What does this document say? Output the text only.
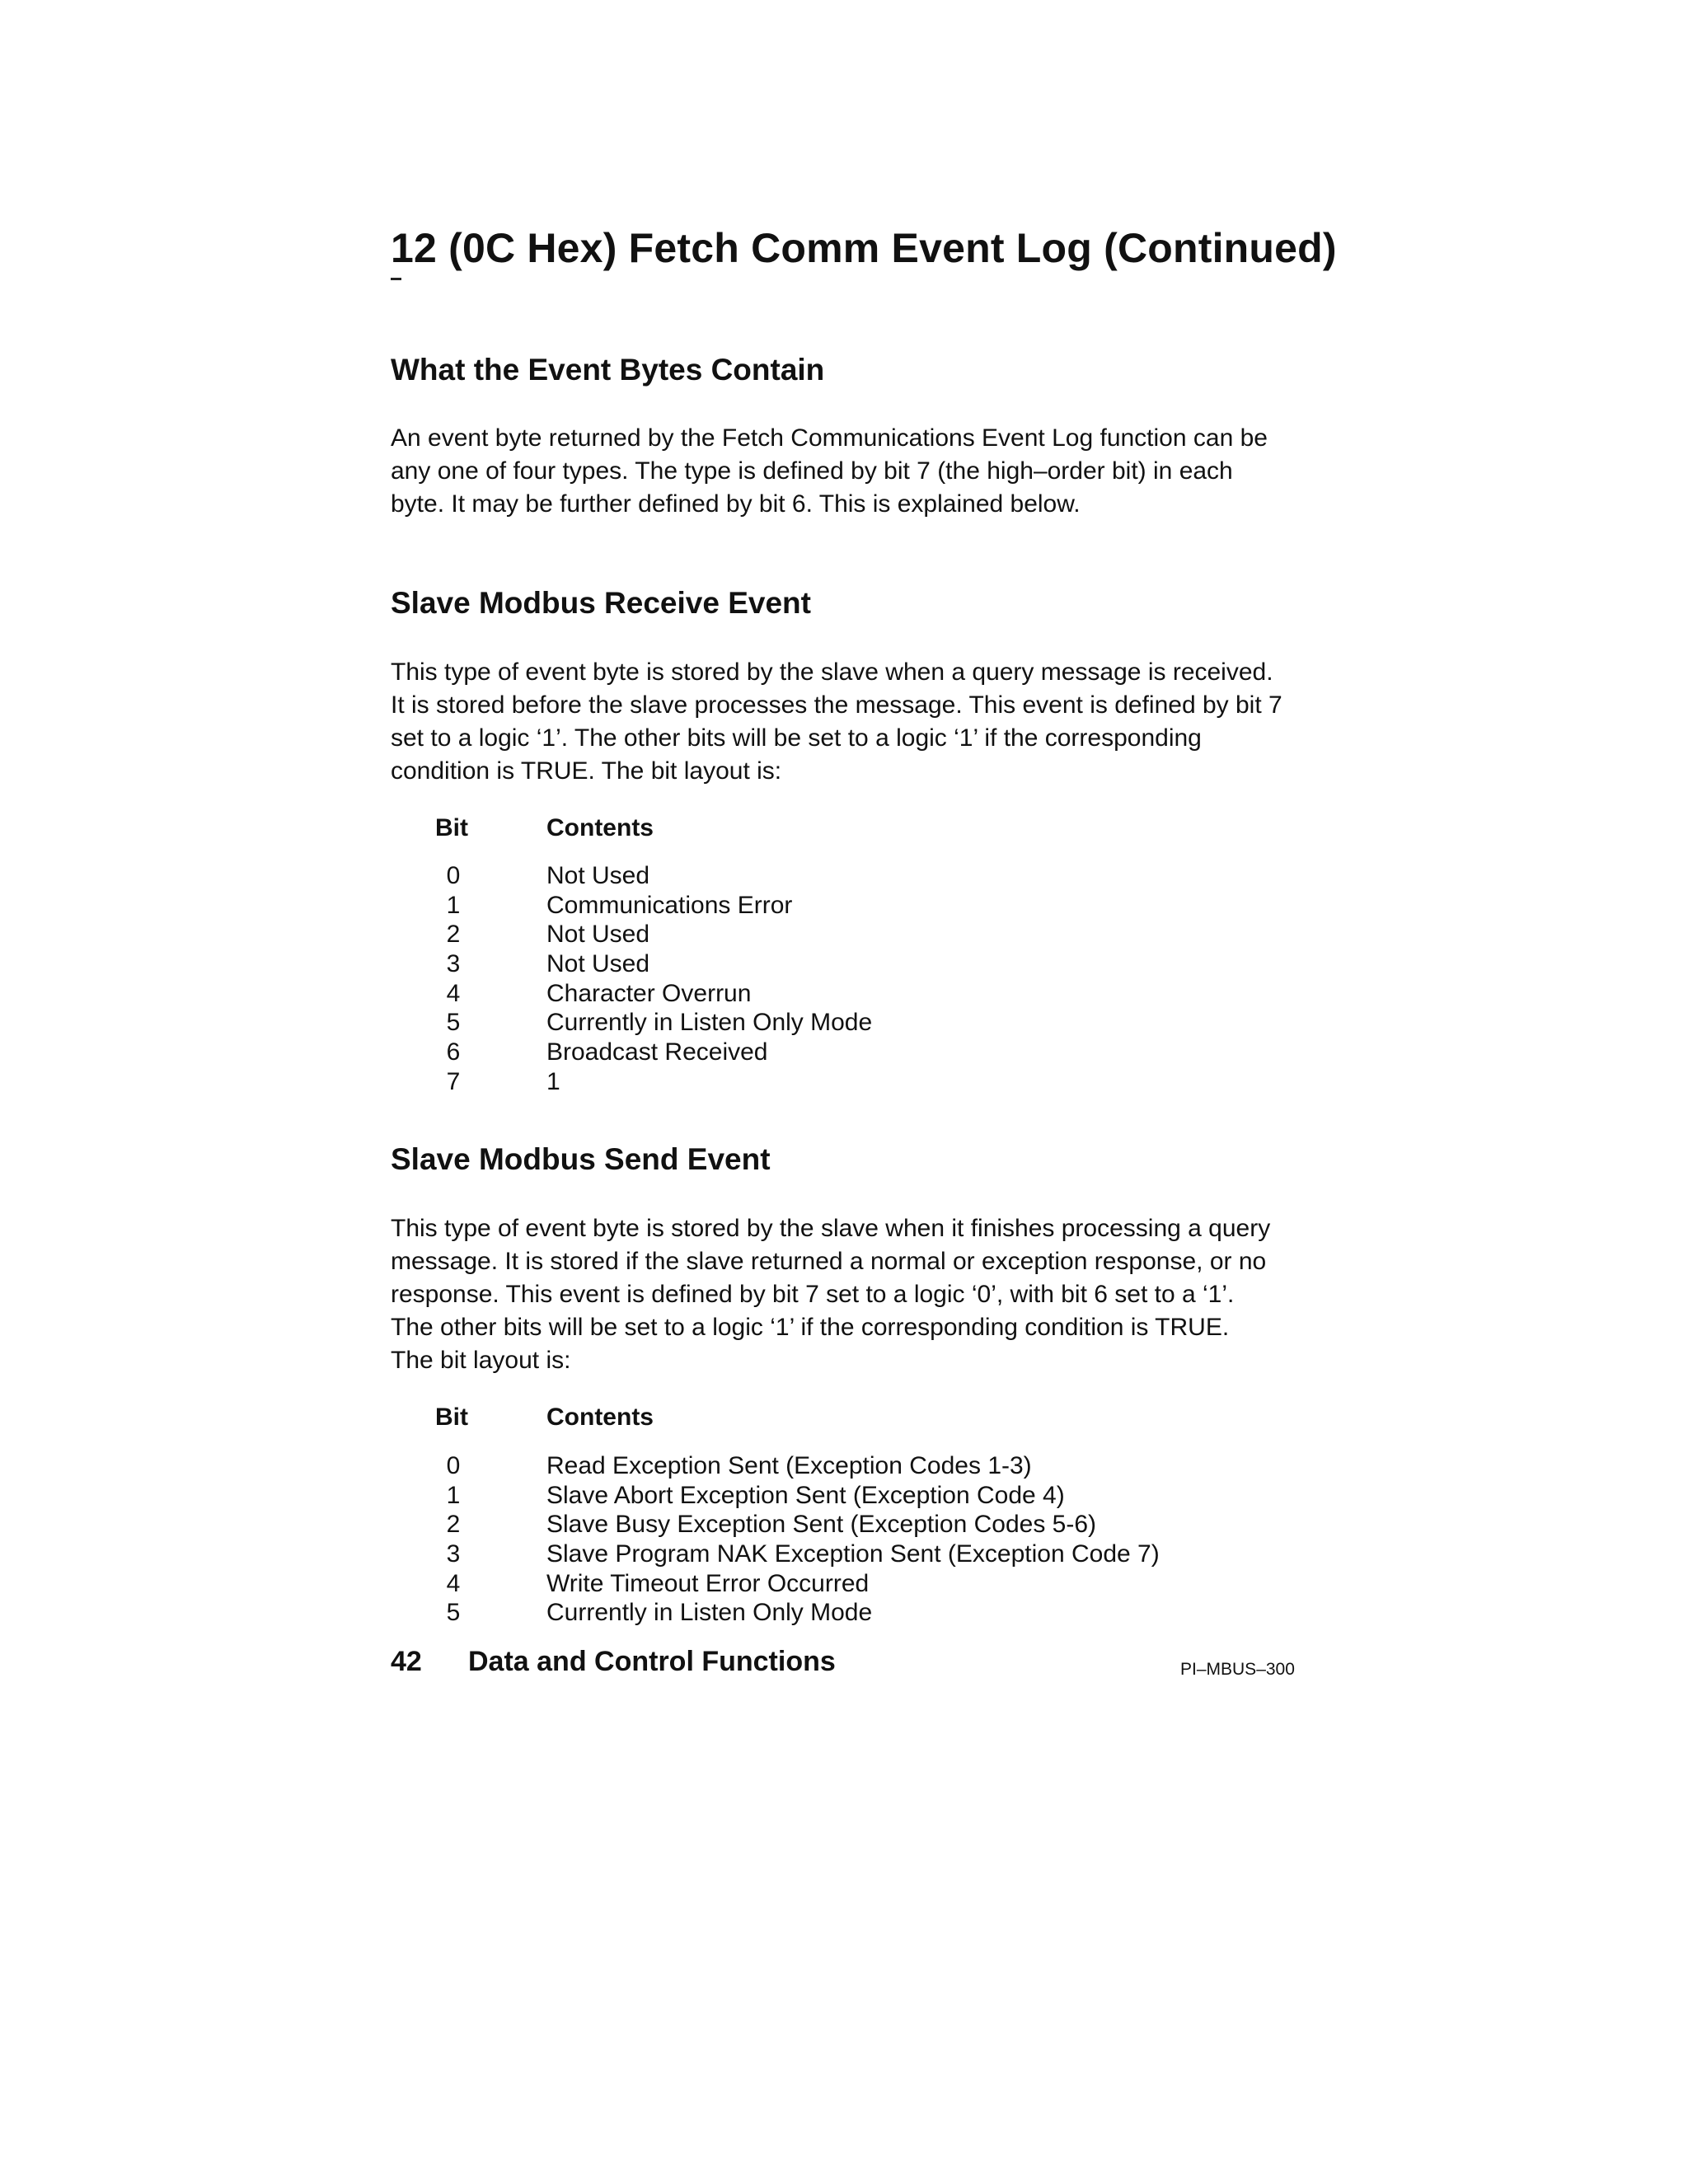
12 (0C Hex) Fetch Comm Event Log (Continued)
What the Event Bytes Contain
An event byte returned by the Fetch Communications Event Log function can be
any one of four types. The type is defined by bit 7 (the high–order bit) in each
byte. It may be further defined by bit 6. This is explained below.
Slave Modbus Receive Event
This type of event byte is stored by the slave when a query message is received.
It is stored before the slave processes the message. This event is defined by bit 7
set to a logic ‘1’. The other bits will be set to a logic ‘1’ if the corresponding
condition is TRUE. The bit layout is:
Bit	Contents
0	Not Used
1	Communications Error
2	Not Used
3	Not Used
4	Character Overrun
5	Currently in Listen Only Mode
6	Broadcast Received
7	1
Slave Modbus Send Event
This type of event byte is stored by the slave when it finishes processing a query
message. It is stored if the slave returned a normal or exception response, or no
response. This event is defined by bit 7 set to a logic ‘0’, with bit 6 set to a ‘1’.
The other bits will be set to a logic ‘1’ if the corresponding condition is TRUE.
The bit layout is:
Bit	Contents
0	Read Exception Sent (Exception Codes 1-3)
1	Slave Abort Exception Sent (Exception Code 4)
2	Slave Busy Exception Sent (Exception Codes 5-6)
3	Slave Program NAK Exception Sent (Exception Code 7)
4	Write Timeout Error Occurred
5	Currently in Listen Only Mode
42 Data and Control Functions	PI–MBUS–300
